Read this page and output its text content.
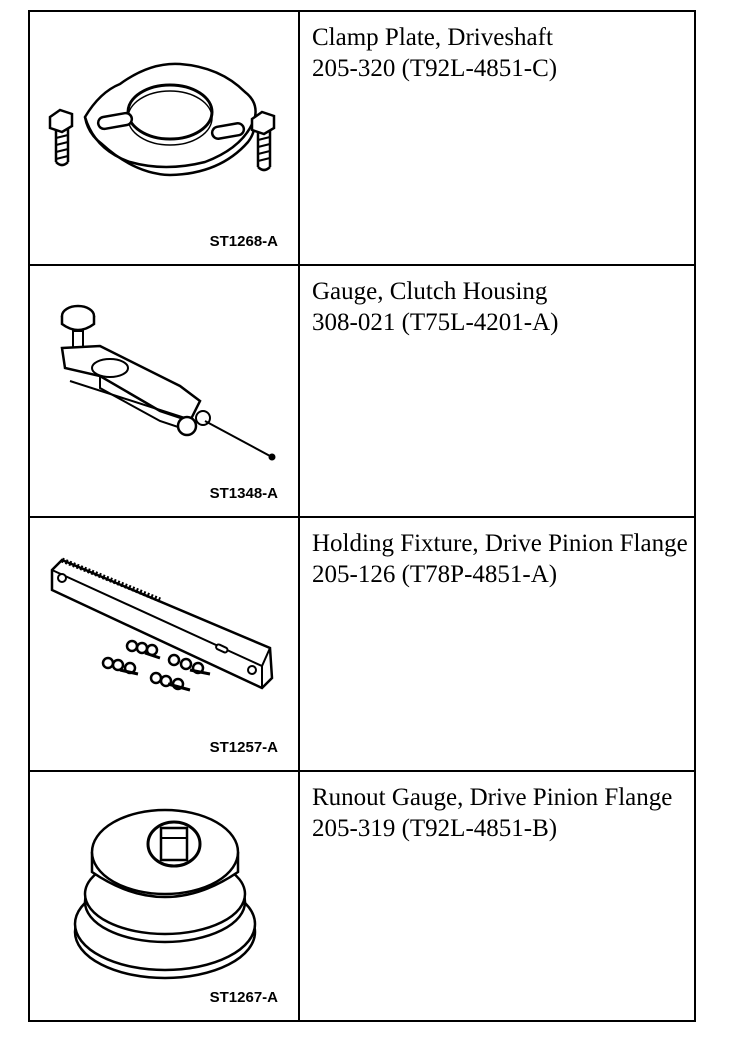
ST1268-A
Clamp Plate, Driveshaft
205-320 (T92L-4851-C)
ST1348-A
Gauge, Clutch Housing
308-021 (T75L-4201-A)
ST1257-A
Holding Fixture, Drive Pinion Flange
205-126 (T78P-4851-A)
ST1267-A
Runout Gauge, Drive Pinion Flange
205-319 (T92L-4851-B)
